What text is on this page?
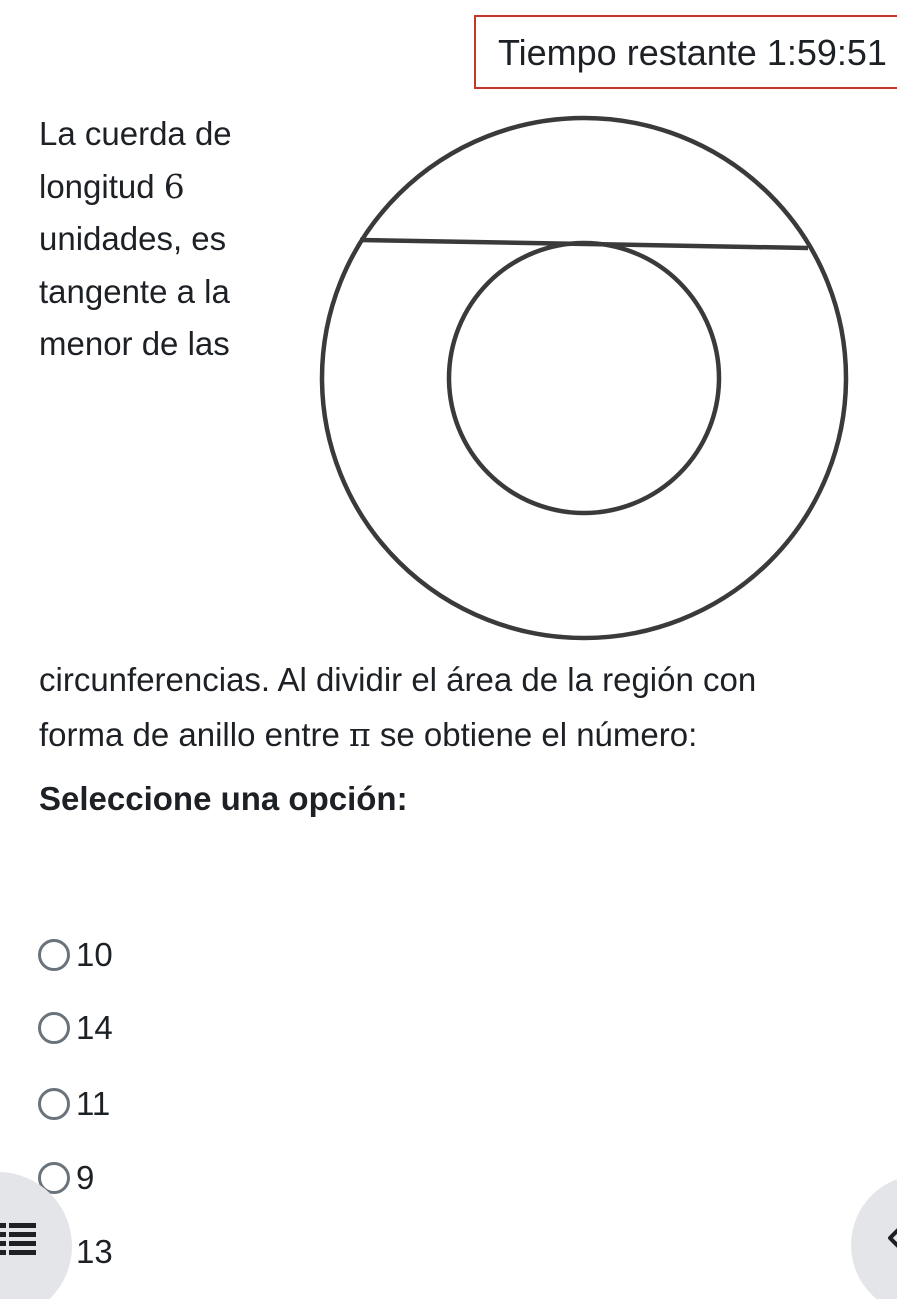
Tiempo restante 1:59:51
La cuerda de
longitud 6
unidades, es
tangente a la
menor de las
circunferencias. Al dividir el área de la región con
forma de anillo entre π se obtiene el número:
Seleccione una opción:
10
14
11
9
13
